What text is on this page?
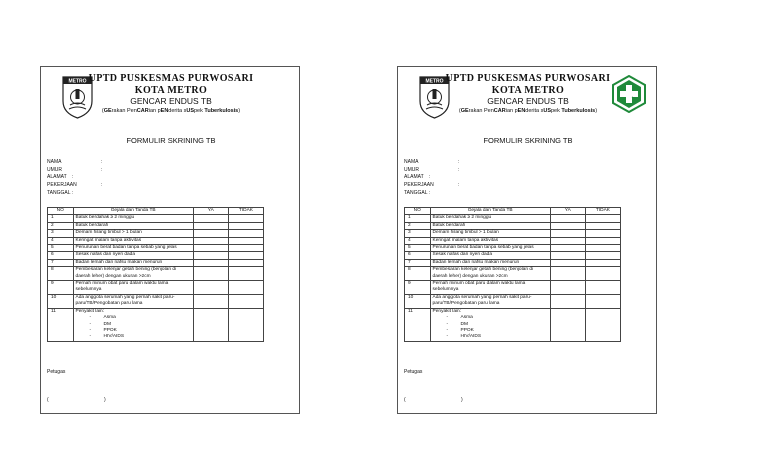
METRO UPTD PUSKESMAS PURWOSARI
KOTA METRO
GENCAR ENDUS TB
(GErakan PenCARian pENderita sUSpek Tuberkulosis)
FORMULIR SKRINING TB
NAMA	:
UMUR	:
ALAMAT :
PEKERJAAN	:
TANGGAL :
NO	Gejala dan Tanda TB	YA	TIDAK
1	Batuk berdahak ≥ 2 minggu		
2	Batuk berdarah		
3	Demam hilang timbul > 1 bulan		
4	Keringat malam tanpa aktivitas		
5	Penurunan berat badan tanpa sebab yang jelas		
6	Sesak nafas dan nyeri dada		
7	Badan lemah dan nafsu makan menurun		
8	Pembesaran kelenjar getah bening (benjolan di daerah leher) dengan ukuran >2cm		
9	Pernah minum obat paru dalam waktu lama sebelumnya		
10	Ada anggota serumah yang pernah sakit paru-paru/TB/Pengobatan paru lama		
11	Penyakit lain:
- Asma
- DM
- PPOK
- HIV/AIDS		

Petugas
(	)
METRO UPTD PUSKESMAS PURWOSARI
KOTA METRO
GENCAR ENDUS TB
(GErakan PenCARian pENderita sUSpek Tuberkulosis)
FORMULIR SKRINING TB
NAMA	:
UMUR	:
ALAMAT :
PEKERJAAN	:
TANGGAL :
NO	Gejala dan Tanda TB	YA	TIDAK
1	Batuk berdahak ≥ 2 minggu		
2	Batuk berdarah		
3	Demam hilang timbul > 1 bulan		
4	Keringat malam tanpa aktivitas		
5	Penurunan berat badan tanpa sebab yang jelas		
6	Sesak nafas dan nyeri dada		
7	Badan lemah dan nafsu makan menurun		
8	Pembesaran kelenjar getah bening (benjolan di daerah leher) dengan ukuran >2cm		
9	Pernah minum obat paru dalam waktu lama sebelumnya		
10	Ada anggota serumah yang pernah sakit paru-paru/TB/Pengobatan paru lama		
11	Penyakit lain:
- Asma
- DM
- PPOK
- HIV/AIDS		

Petugas
(	)
